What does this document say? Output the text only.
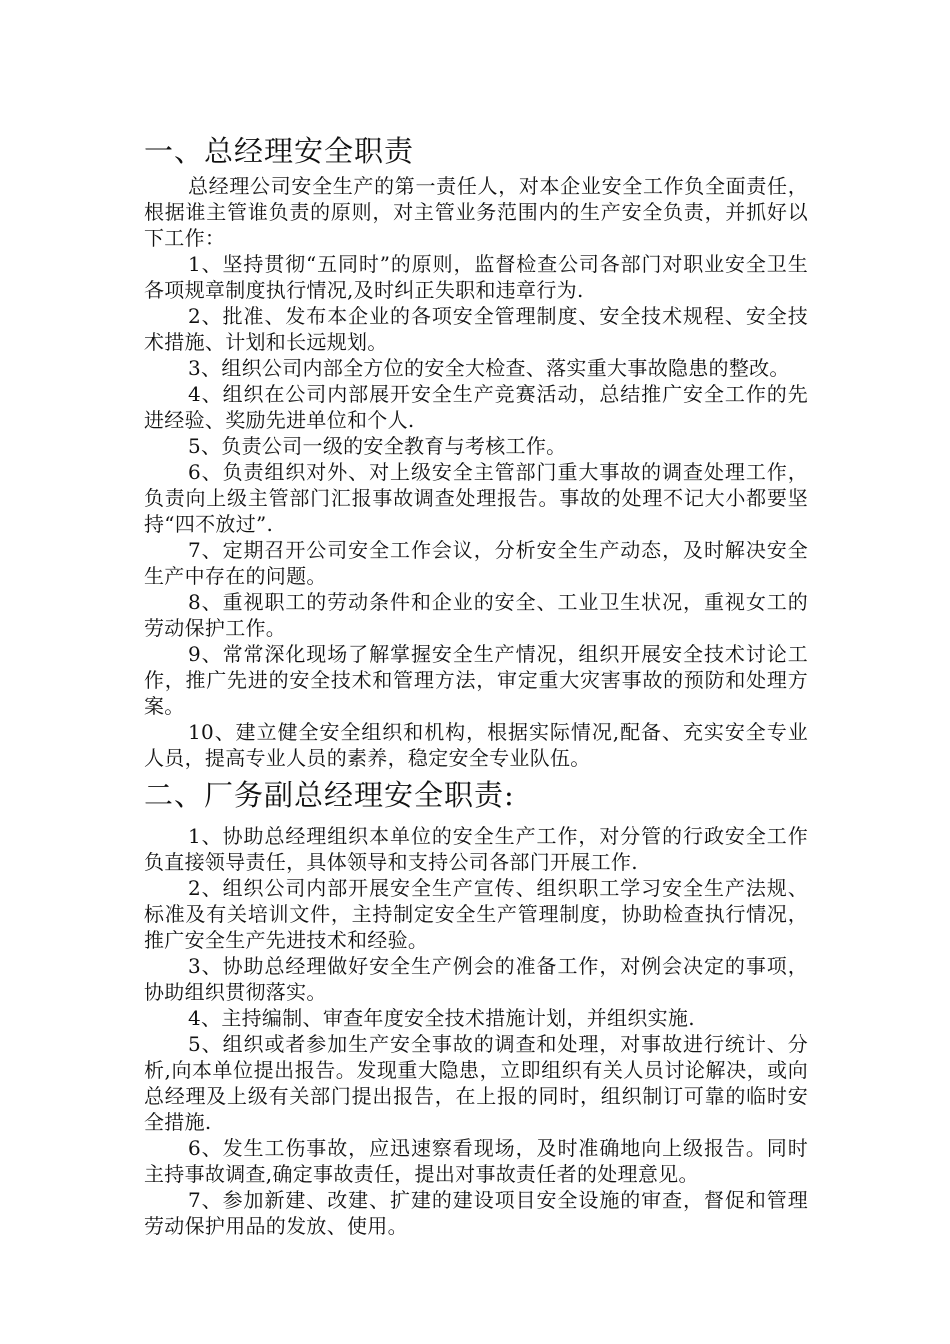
一、总经理安全职责

总经理公司安全生产的第一责任人，对本企业安全工作负全面责任，根据谁主管谁负责的原则，对主管业务范围内的生产安全负责，并抓好以下工作：

1、坚持贯彻“五同时”的原则，监督检查公司各部门对职业安全卫生各项规章制度执行情况,及时纠正失职和违章行为.

2、批准、发布本企业的各项安全管理制度、安全技术规程、安全技术措施、计划和长远规划。

3、组织公司内部全方位的安全大检查、落实重大事故隐患的整改。

4、组织在公司内部展开安全生产竞赛活动，总结推广安全工作的先进经验、奖励先进单位和个人.

5、负责公司一级的安全教育与考核工作。

6、负责组织对外、对上级安全主管部门重大事故的调查处理工作，负责向上级主管部门汇报事故调查处理报告。事故的处理不记大小都要坚持“四不放过”.

7、定期召开公司安全工作会议，分析安全生产动态，及时解决安全生产中存在的问题。

8、重视职工的劳动条件和企业的安全、工业卫生状况，重视女工的劳动保护工作。

9、常常深化现场了解掌握安全生产情况，组织开展安全技术讨论工作，推广先进的安全技术和管理方法，审定重大灾害事故的预防和处理方案。

10、建立健全安全组织和机构，根据实际情况,配备、充实安全专业人员，提高专业人员的素养，稳定安全专业队伍。

二、厂务副总经理安全职责:

1、协助总经理组织本单位的安全生产工作，对分管的行政安全工作负直接领导责任，具体领导和支持公司各部门开展工作.

2、组织公司内部开展安全生产宣传、组织职工学习安全生产法规、标准及有关培训文件，主持制定安全生产管理制度，协助检查执行情况，推广安全生产先进技术和经验。

3、协助总经理做好安全生产例会的准备工作，对例会决定的事项，协助组织贯彻落实。

4、主持编制、审查年度安全技术措施计划，并组织实施.

5、组织或者参加生产安全事故的调查和处理，对事故进行统计、分析,向本单位提出报告。发现重大隐患，立即组织有关人员讨论解决，或向总经理及上级有关部门提出报告，在上报的同时，组织制订可靠的临时安全措施.

6、发生工伤事故，应迅速察看现场，及时准确地向上级报告。同时主持事故调查,确定事故责任，提出对事故责任者的处理意见。

7、参加新建、改建、扩建的建设项目安全设施的审查，督促和管理劳动保护用品的发放、使用。
